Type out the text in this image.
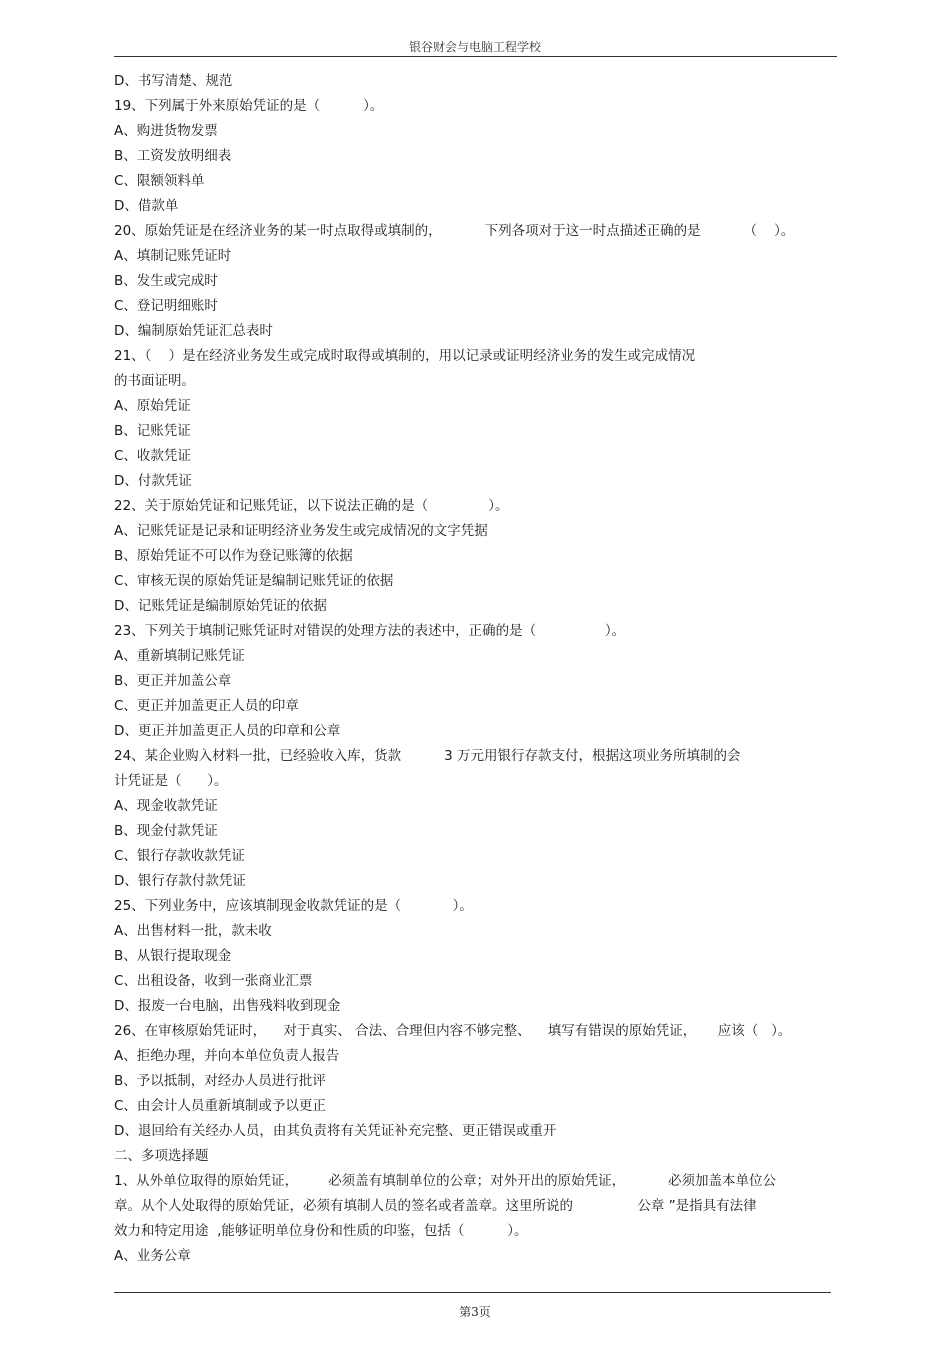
银谷财会与电脑工程学校
D、书写清楚、规范
19、下列属于外来原始凭证的是（          ）。
A、购进货物发票
B、工资发放明细表
C、限额领料单
D、借款单
20、原始凭证是在经济业务的某一时点取得或填制的，          下列各项对于这一时点描述正确的是          （    ）。
A、填制记账凭证时
B、发生或完成时
C、登记明细账时
D、编制原始凭证汇总表时
21、（    ）是在经济业务发生或完成时取得或填制的，用以记录或证明经济业务的发生或完成情况
的书面证明。
A、原始凭证
B、记账凭证
C、收款凭证
D、付款凭证
22、关于原始凭证和记账凭证，以下说法正确的是（              ）。
A、记账凭证是记录和证明经济业务发生或完成情况的文字凭据
B、原始凭证不可以作为登记账簿的依据
C、审核无误的原始凭证是编制记账凭证的依据
D、记账凭证是编制原始凭证的依据
23、下列关于填制记账凭证时对错误的处理方法的表述中，正确的是（                ）。
A、重新填制记账凭证
B、更正并加盖公章
C、更正并加盖更正人员的印章
D、更正并加盖更正人员的印章和公章
24、某企业购入材料一批，已经验收入库，货款          3 万元用银行存款支付，根据这项业务所填制的会
计凭证是（      ）。
A、现金收款凭证
B、现金付款凭证
C、银行存款收款凭证
D、银行存款付款凭证
25、下列业务中，应该填制现金收款凭证的是（            ）。
A、出售材料一批，款未收
B、从银行提取现金
C、出租设备，收到一张商业汇票
D、报废一台电脑，出售残料收到现金
26、在审核原始凭证时，    对于真实、 合法、合理但内容不够完整、    填写有错误的原始凭证，     应该（   ）。
A、拒绝办理，并向本单位负责人报告
B、予以抵制，对经办人员进行批评
C、由会计人员重新填制或予以更正
D、退回给有关经办人员，由其负责将有关凭证补充完整、更正错误或重开
二、多项选择题
1、从外单位取得的原始凭证，       必须盖有填制单位的公章；对外开出的原始凭证，          必须加盖本单位公
章。从个人处取得的原始凭证，必须有填制人员的签名或者盖章。这里所说的               公章 ”是指具有法律
效力和特定用途  ,能够证明单位身份和性质的印鉴，包括（          ）。
A、业务公章
第3页
